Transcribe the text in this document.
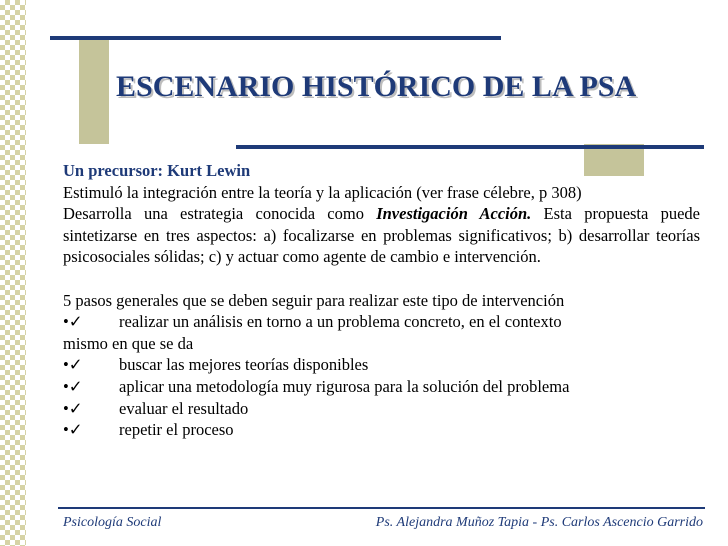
ESCENARIO HISTÓRICO DE LA PSA

Un precursor: Kurt Lewin

Estimuló la integración entre la teoría y la aplicación (ver frase célebre, p 308)

Desarrolla una estrategia conocida como Investigación Acción. Esta propuesta puede sintetizarse en tres aspectos: a) focalizarse en problemas significativos; b) desarrollar teorías psicosociales sólidas; c) y actuar como agente de cambio e intervención.

5 pasos generales que se deben seguir para realizar este tipo de intervención

•✓	realizar un análisis en torno a un problema concreto, en el contexto
mismo en que se da
•✓	buscar las mejores teorías disponibles
•✓	aplicar una metodología muy rigurosa para la solución del problema
•✓	evaluar el resultado
•✓	repetir el proceso
Psicología Social	Ps. Alejandra Muñoz Tapia - Ps. Carlos Ascencio Garrido
